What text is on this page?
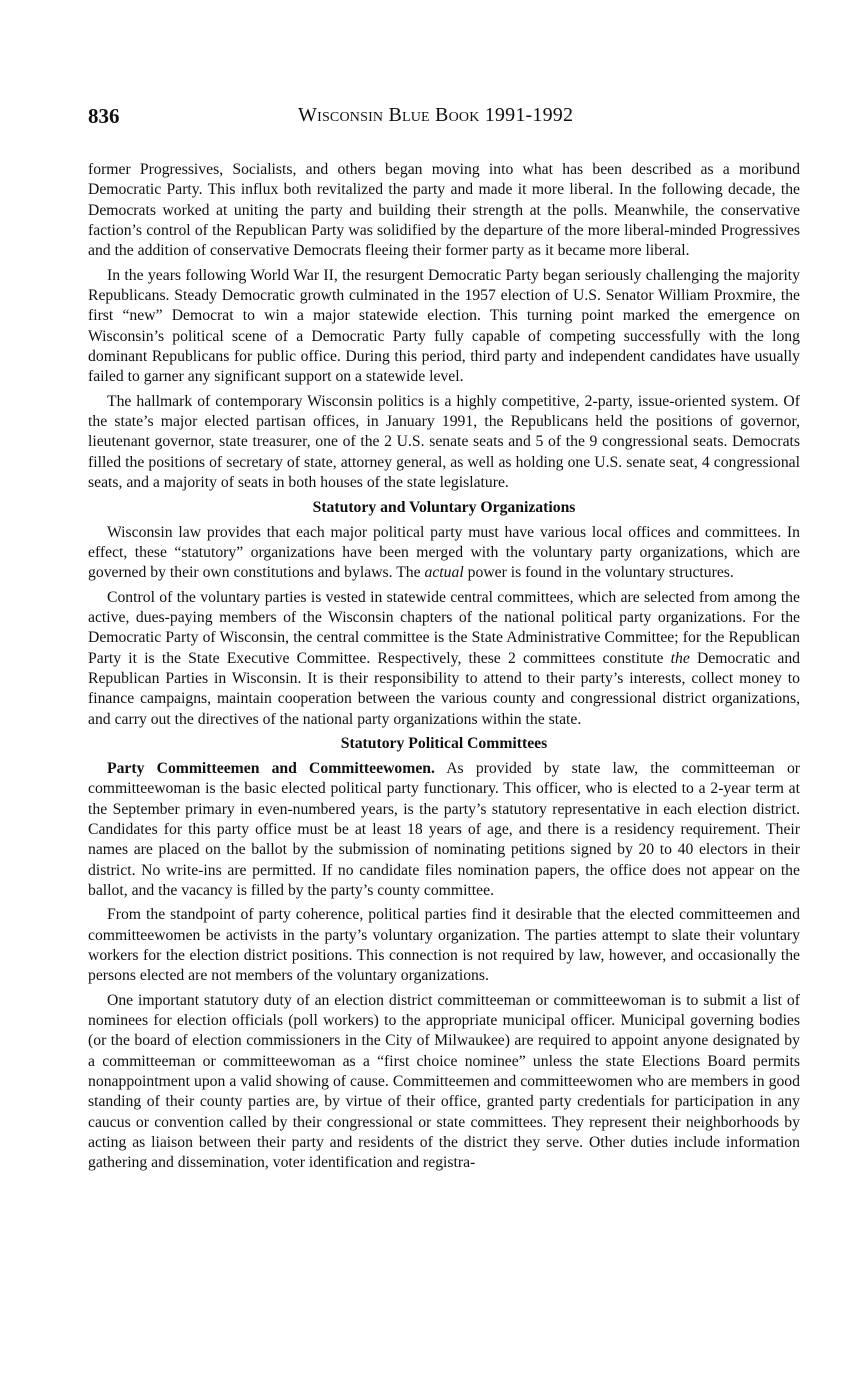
836	Wisconsin Blue Book 1991-1992

former Progressives, Socialists, and others began moving into what has been described as a moribund Democratic Party. This influx both revitalized the party and made it more liberal. In the following decade, the Democrats worked at uniting the party and building their strength at the polls. Meanwhile, the conservative faction’s control of the Republican Party was solidified by the departure of the more liberal-minded Progressives and the addition of conservative Democrats fleeing their former party as it became more liberal.

In the years following World War II, the resurgent Democratic Party began seriously challenging the majority Republicans. Steady Democratic growth culminated in the 1957 election of U.S. Senator William Proxmire, the first “new” Democrat to win a major statewide election. This turning point marked the emergence on Wisconsin’s political scene of a Democratic Party fully capable of competing successfully with the long dominant Republicans for public office. During this period, third party and independent candidates have usually failed to garner any significant support on a statewide level.

The hallmark of contemporary Wisconsin politics is a highly competitive, 2-party, issue-oriented system. Of the state’s major elected partisan offices, in January 1991, the Republicans held the positions of governor, lieutenant governor, state treasurer, one of the 2 U.S. senate seats and 5 of the 9 congressional seats. Democrats filled the positions of secretary of state, attorney general, as well as holding one U.S. senate seat, 4 congressional seats, and a majority of seats in both houses of the state legislature.

Statutory and Voluntary Organizations

Wisconsin law provides that each major political party must have various local offices and committees. In effect, these “statutory” organizations have been merged with the voluntary party organizations, which are governed by their own constitutions and bylaws. The actual power is found in the voluntary structures.

Control of the voluntary parties is vested in statewide central committees, which are selected from among the active, dues-paying members of the Wisconsin chapters of the national political party organizations. For the Democratic Party of Wisconsin, the central committee is the State Administrative Committee; for the Republican Party it is the State Executive Committee. Respectively, these 2 committees constitute the Democratic and Republican Parties in Wisconsin. It is their responsibility to attend to their party’s interests, collect money to finance campaigns, maintain cooperation between the various county and congressional district organizations, and carry out the directives of the national party organizations within the state.

Statutory Political Committees

Party Committeemen and Committeewomen. As provided by state law, the committeeman or committeewoman is the basic elected political party functionary. This officer, who is elected to a 2-year term at the September primary in even-numbered years, is the party’s statutory representative in each election district. Candidates for this party office must be at least 18 years of age, and there is a residency requirement. Their names are placed on the ballot by the submission of nominating petitions signed by 20 to 40 electors in their district. No write-ins are permitted. If no candidate files nomination papers, the office does not appear on the ballot, and the vacancy is filled by the party’s county committee.

From the standpoint of party coherence, political parties find it desirable that the elected committeemen and committeewomen be activists in the party’s voluntary organization. The parties attempt to slate their voluntary workers for the election district positions. This connection is not required by law, however, and occasionally the persons elected are not members of the voluntary organizations.

One important statutory duty of an election district committeeman or committeewoman is to submit a list of nominees for election officials (poll workers) to the appropriate municipal officer. Municipal governing bodies (or the board of election commissioners in the City of Milwaukee) are required to appoint anyone designated by a committeeman or committeewoman as a “first choice nominee” unless the state Elections Board permits nonappointment upon a valid showing of cause. Committeemen and committeewomen who are members in good standing of their county parties are, by virtue of their office, granted party credentials for participation in any caucus or convention called by their congressional or state committees. They represent their neighborhoods by acting as liaison between their party and residents of the district they serve. Other duties include information gathering and dissemination, voter identification and registra-
